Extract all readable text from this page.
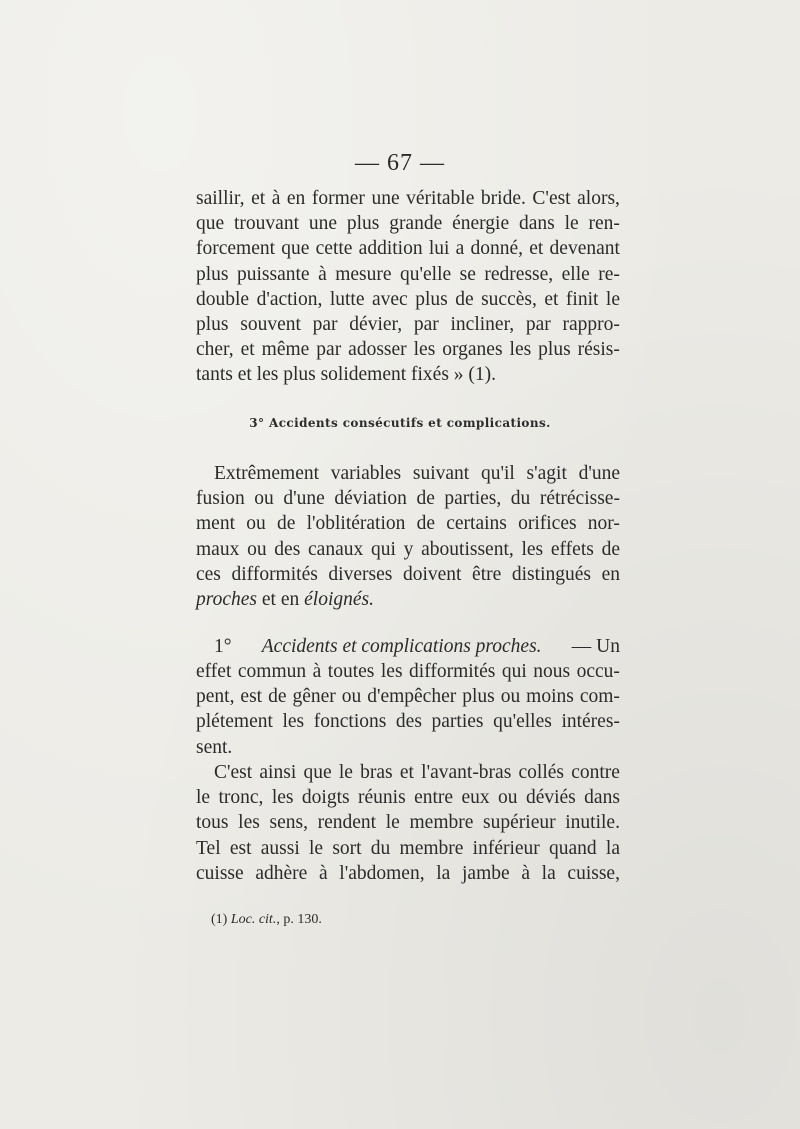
— 67 —
saillir, et à en former une véritable bride. C'est alors,
que trouvant une plus grande énergie dans le ren-
forcement que cette addition lui a donné, et devenant
plus puissante à mesure qu'elle se redresse, elle re-
double d'action, lutte avec plus de succès, et finit le
plus souvent par dévier, par incliner, par rappro-
cher, et même par adosser les organes les plus résis-
tants et les plus solidement fixés » (1).
3° Accidents consécutifs et complications.
Extrêmement variables suivant qu'il s'agit d'une
fusion ou d'une déviation de parties, du rétrécisse-
ment ou de l'oblitération de certains orifices nor-
maux ou des canaux qui y aboutissent, les effets de
ces difformités diverses doivent être distingués en
proches
et en
éloignés.
1° Accidents et complications proches. — Un
effet commun à toutes les difformités qui nous occu-
pent, est de gêner ou d'empêcher plus ou moins com-
plétement les fonctions des parties qu'elles intéres-
sent.
C'est ainsi que le bras et l'avant-bras collés contre
le tronc, les doigts réunis entre eux ou déviés dans
tous les sens, rendent le membre supérieur inutile.
Tel est aussi le sort du membre inférieur quand la
cuisse adhère à l'abdomen, la jambe à la cuisse,
(1) Loc. cit., p. 130.
